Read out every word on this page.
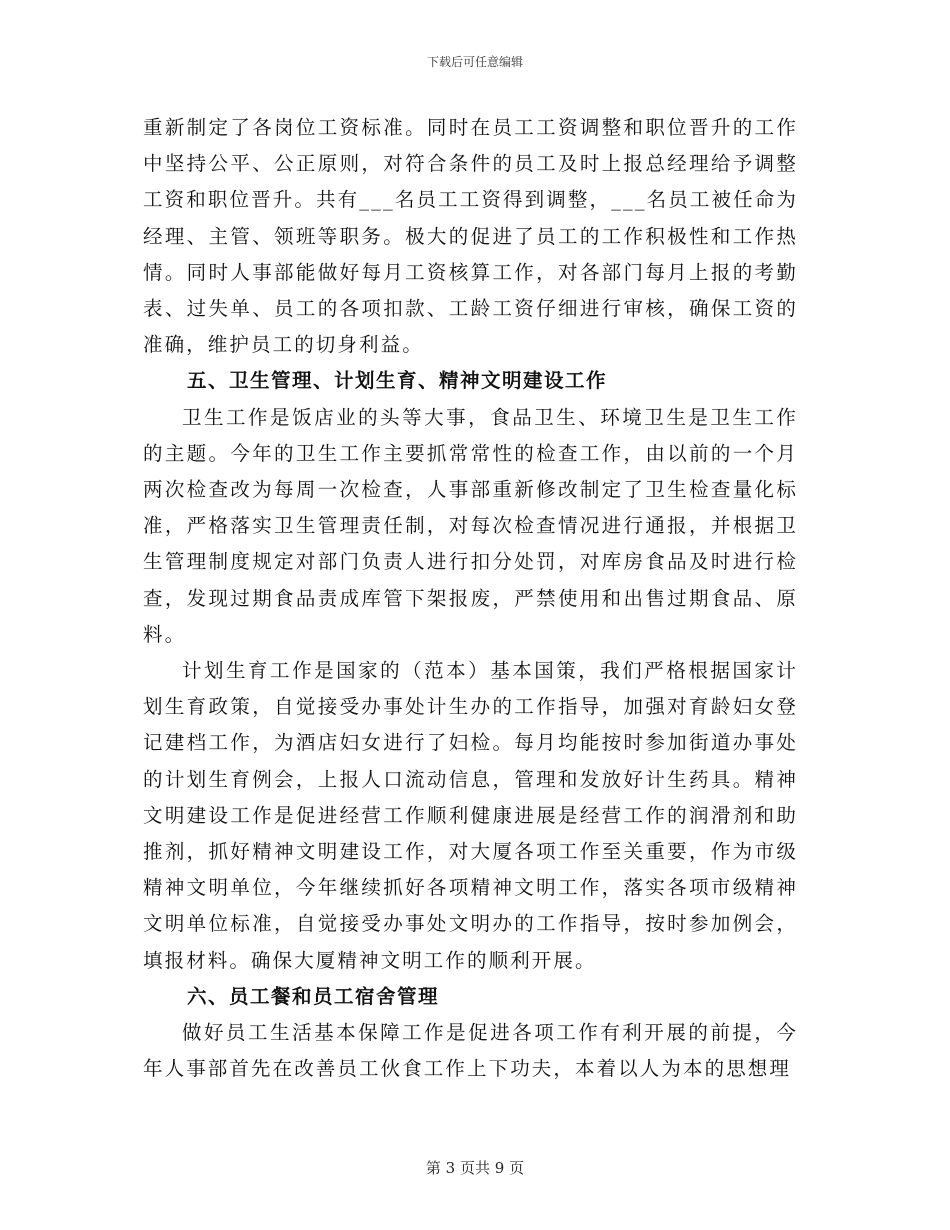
下载后可任意编辑

重新制定了各岗位工资标准。同时在员工工资调整和职位晋升的工作中坚持公平、公正原则，对符合条件的员工及时上报总经理给予调整工资和职位晋升。共有___名员工工资得到调整，___名员工被任命为经理、主管、领班等职务。极大的促进了员工的工作积极性和工作热情。同时人事部能做好每月工资核算工作，对各部门每月上报的考勤表、过失单、员工的各项扣款、工龄工资仔细进行审核，确保工资的准确，维护员工的切身利益。

五、卫生管理、计划生育、精神文明建设工作

卫生工作是饭店业的头等大事，食品卫生、环境卫生是卫生工作的主题。今年的卫生工作主要抓常常性的检查工作，由以前的一个月两次检查改为每周一次检查，人事部重新修改制定了卫生检查量化标准，严格落实卫生管理责任制，对每次检查情况进行通报，并根据卫生管理制度规定对部门负责人进行扣分处罚，对库房食品及时进行检查，发现过期食品责成库管下架报废，严禁使用和出售过期食品、原料。

计划生育工作是国家的（范本）基本国策，我们严格根据国家计划生育政策，自觉接受办事处计生办的工作指导，加强对育龄妇女登记建档工作，为酒店妇女进行了妇检。每月均能按时参加街道办事处的计划生育例会，上报人口流动信息，管理和发放好计生药具。精神文明建设工作是促进经营工作顺利健康进展是经营工作的润滑剂和助推剂，抓好精神文明建设工作，对大厦各项工作至关重要，作为市级精神文明单位，今年继续抓好各项精神文明工作，落实各项市级精神文明单位标准，自觉接受办事处文明办的工作指导，按时参加例会，填报材料。确保大厦精神文明工作的顺利开展。

六、员工餐和员工宿舍管理

做好员工生活基本保障工作是促进各项工作有利开展的前提，今年人事部首先在改善员工伙食工作上下功夫，本着以人为本的思想理

第 3 页共 9 页
